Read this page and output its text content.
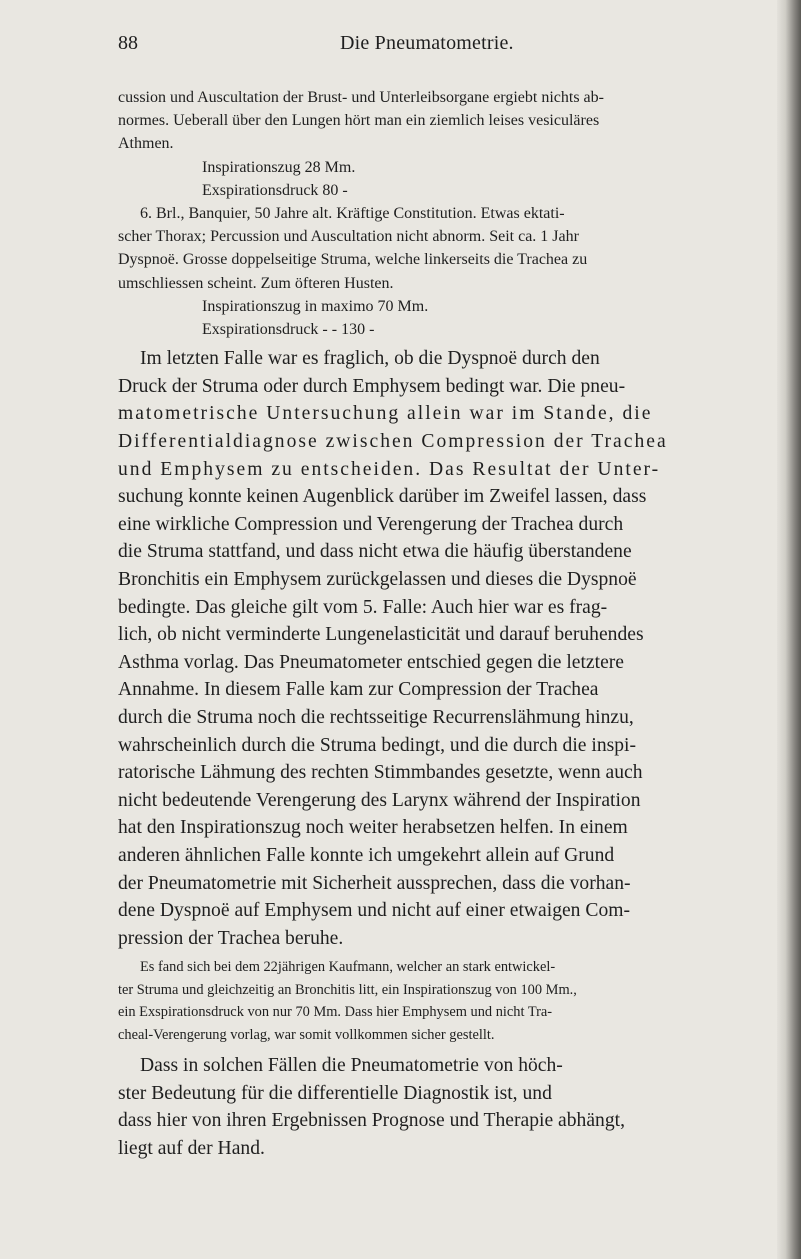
88	Die Pneumatometrie.

cussion und Auscultation der Brust- und Unterleibsorgane ergiebt nichts ab-
normes. Ueberall über den Lungen hört man ein ziemlich leises vesiculäres
Athmen.
Inspirationszug 28 Mm.
Exspirationsdruck 80 -

6. Brl., Banquier, 50 Jahre alt. Kräftige Constitution. Etwas ektati-
scher Thorax; Percussion und Auscultation nicht abnorm. Seit ca. 1 Jahr
Dyspnoë. Grosse doppelseitige Struma, welche linkerseits die Trachea zu
umschliessen scheint. Zum öfteren Husten.
Inspirationszug in maximo 70 Mm.
Exspirationsdruck - - 130 -

Im letzten Falle war es fraglich, ob die Dyspnoë durch den
Druck der Struma oder durch Emphysem bedingt war. Die pneu-
matometrische Untersuchung allein war im Stande, die
Differentialdiagnose zwischen Compression der Trachea
und Emphysem zu entscheiden. Das Resultat der Unter-
suchung konnte keinen Augenblick darüber im Zweifel lassen, dass
eine wirkliche Compression und Verengerung der Trachea durch
die Struma stattfand, und dass nicht etwa die häufig überstandene
Bronchitis ein Emphysem zurückgelassen und dieses die Dyspnoë
bedingte. Das gleiche gilt vom 5. Falle: Auch hier war es frag-
lich, ob nicht verminderte Lungenelasticität und darauf beruhendes
Asthma vorlag. Das Pneumatometer entschied gegen die letztere
Annahme. In diesem Falle kam zur Compression der Trachea
durch die Struma noch die rechtsseitige Recurrenslähmung hinzu,
wahrscheinlich durch die Struma bedingt, und die durch die inspi-
ratorische Lähmung des rechten Stimmbandes gesetzte, wenn auch
nicht bedeutende Verengerung des Larynx während der Inspiration
hat den Inspirationszug noch weiter herabsetzen helfen. In einem
anderen ähnlichen Falle konnte ich umgekehrt allein auf Grund
der Pneumatometrie mit Sicherheit aussprechen, dass die vorhan-
dene Dyspnoë auf Emphysem und nicht auf einer etwaigen Com-
pression der Trachea beruhe.

Es fand sich bei dem 22jährigen Kaufmann, welcher an stark entwickel-
ter Struma und gleichzeitig an Bronchitis litt, ein Inspirationszug von 100 Mm.,
ein Exspirationsdruck von nur 70 Mm. Dass hier Emphysem und nicht Tra-
cheal-Verengerung vorlag, war somit vollkommen sicher gestellt.

Dass in solchen Fällen die Pneumatometrie von höch-
ster Bedeutung für die differentielle Diagnostik ist, und
dass hier von ihren Ergebnissen Prognose und Therapie abhängt,
liegt auf der Hand.
